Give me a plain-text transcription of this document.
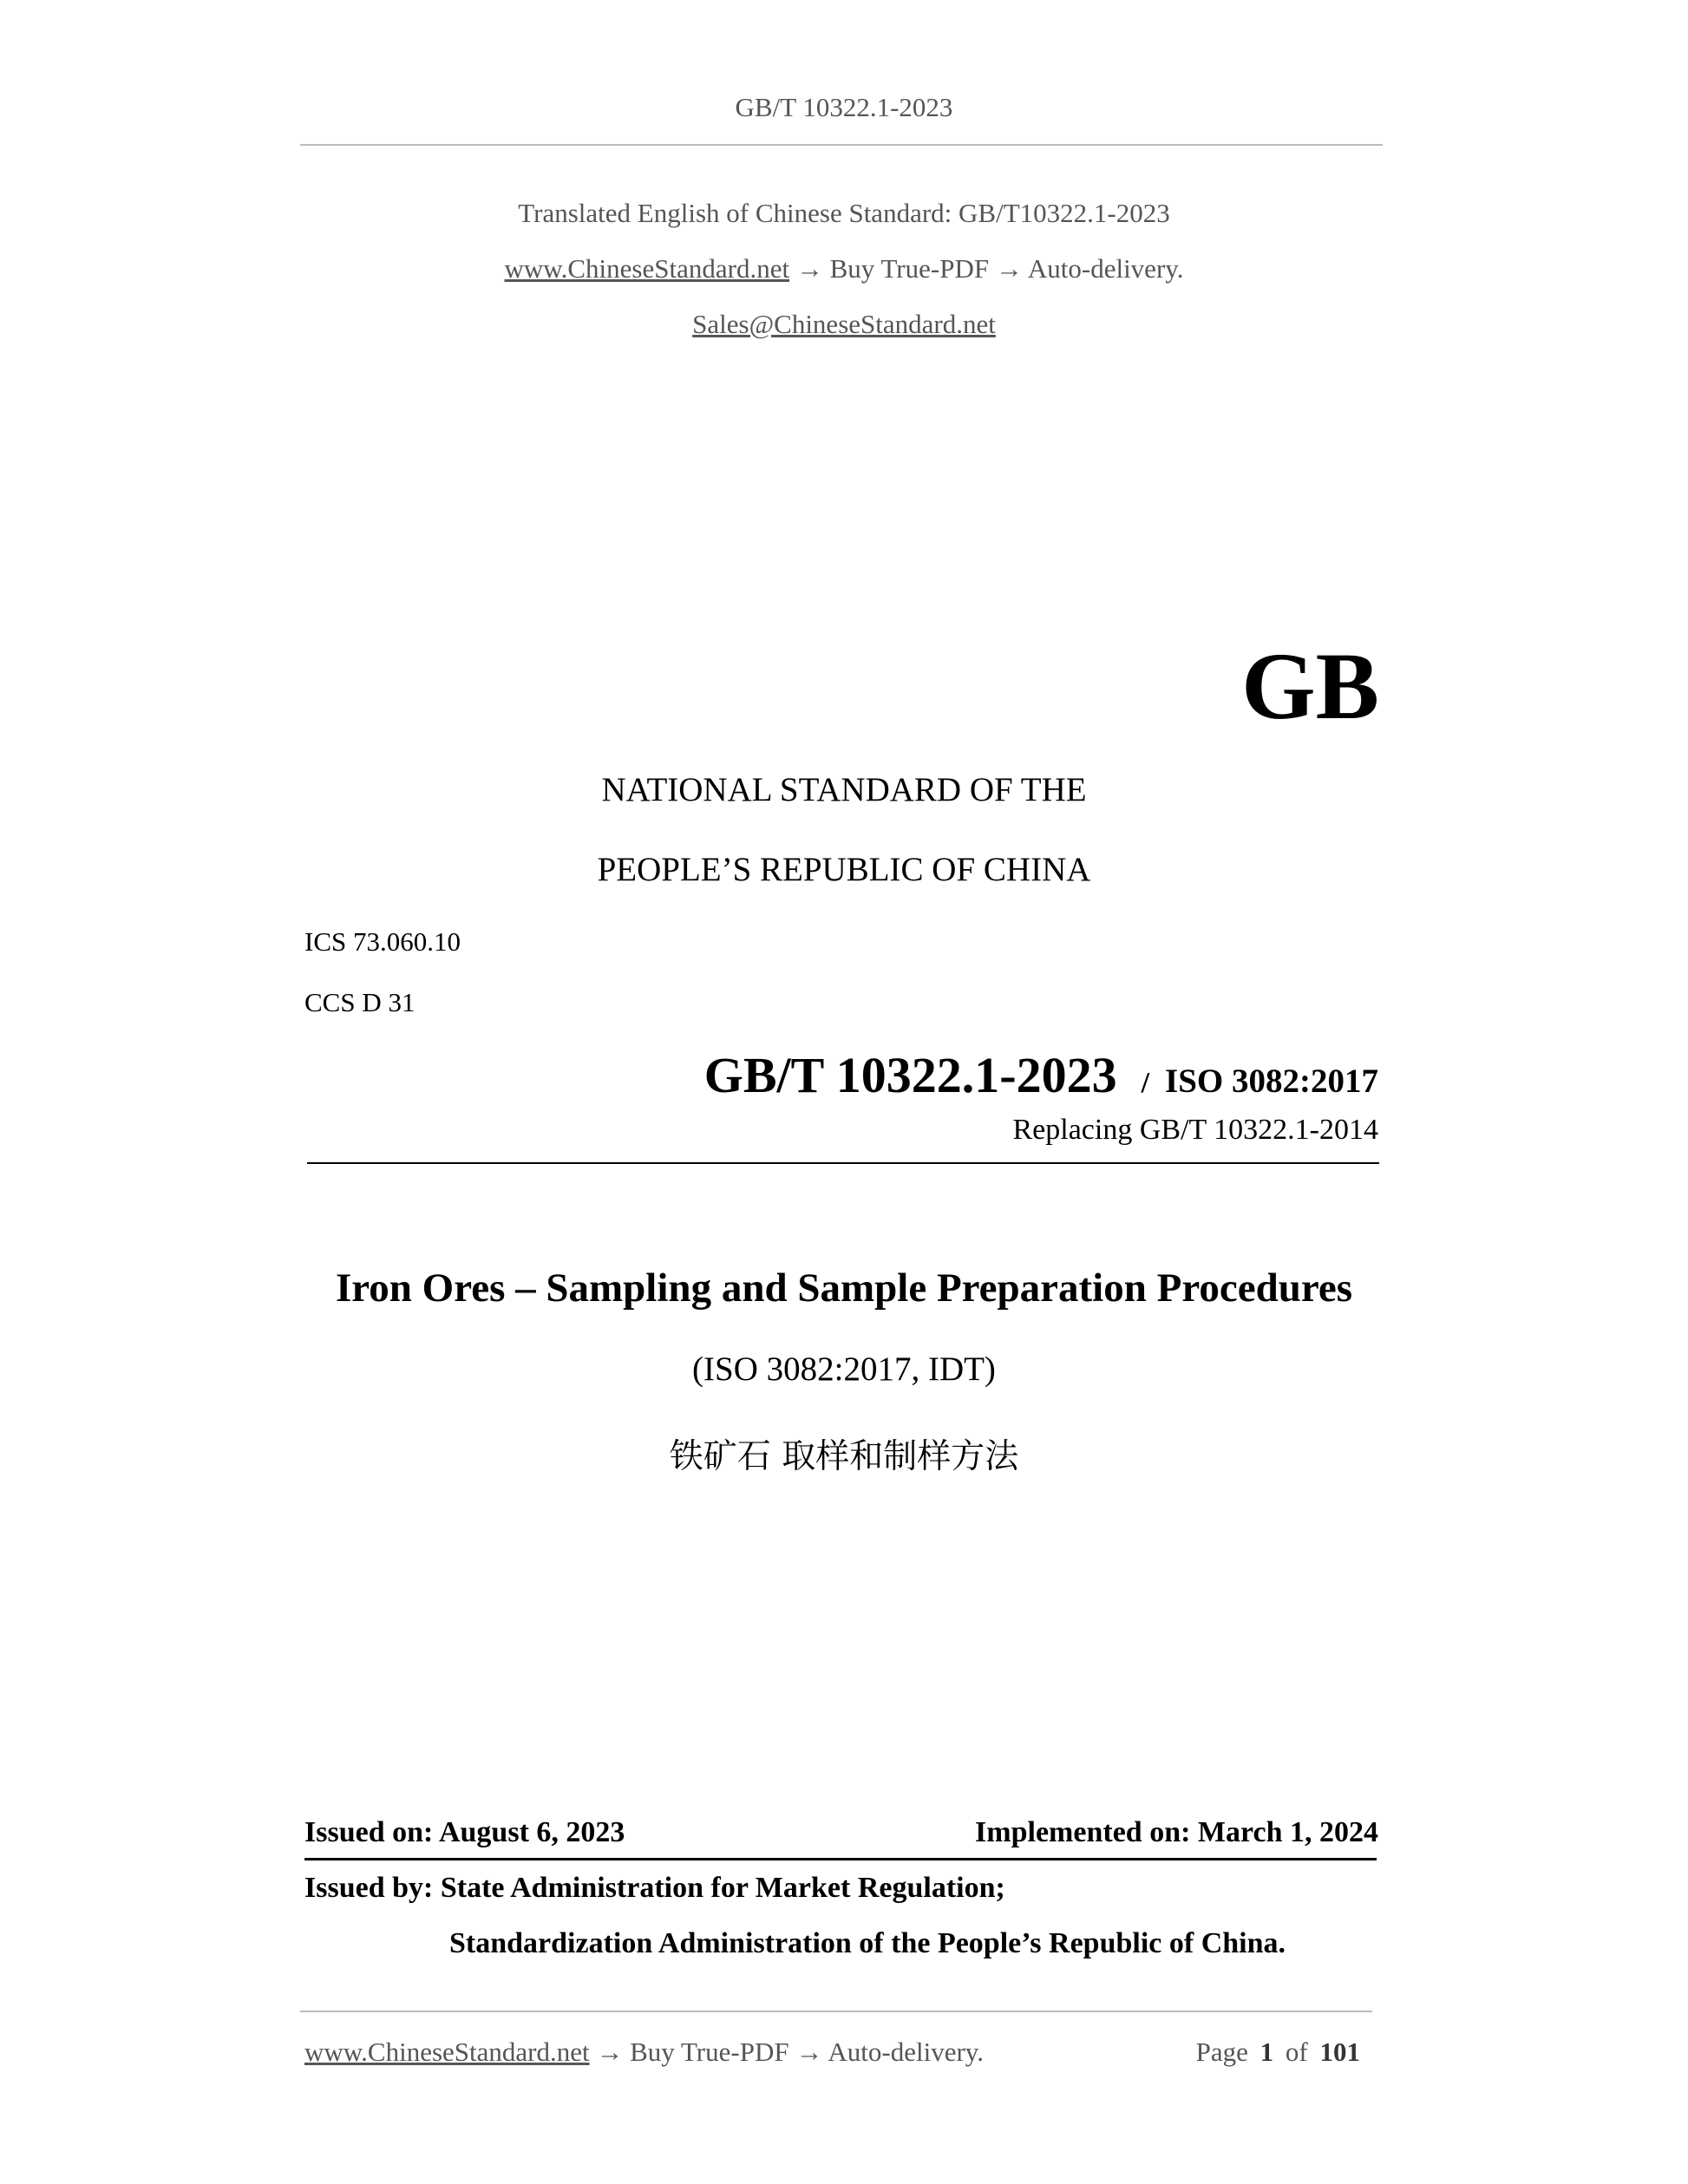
GB/T 10322.1-2023
Translated English of Chinese Standard: GB/T10322.1-2023
www.ChineseStandard.net → Buy True-PDF → Auto-delivery.
Sales@ChineseStandard.net
GB
NATIONAL STANDARD OF THE
PEOPLE’S REPUBLIC OF CHINA
ICS 73.060.10
CCS D 31
GB/T 10322.1-2023 / ISO 3082:2017
Replacing GB/T 10322.1-2014
Iron Ores – Sampling and Sample Preparation Procedures
(ISO 3082:2017, IDT)
铁矿石 取样和制样方法
Issued on: August 6, 2023	Implemented on: March 1, 2024
Issued by: State Administration for Market Regulation;
Standardization Administration of the People’s Republic of China.
www.ChineseStandard.net → Buy True-PDF → Auto-delivery.	Page 1 of 101
